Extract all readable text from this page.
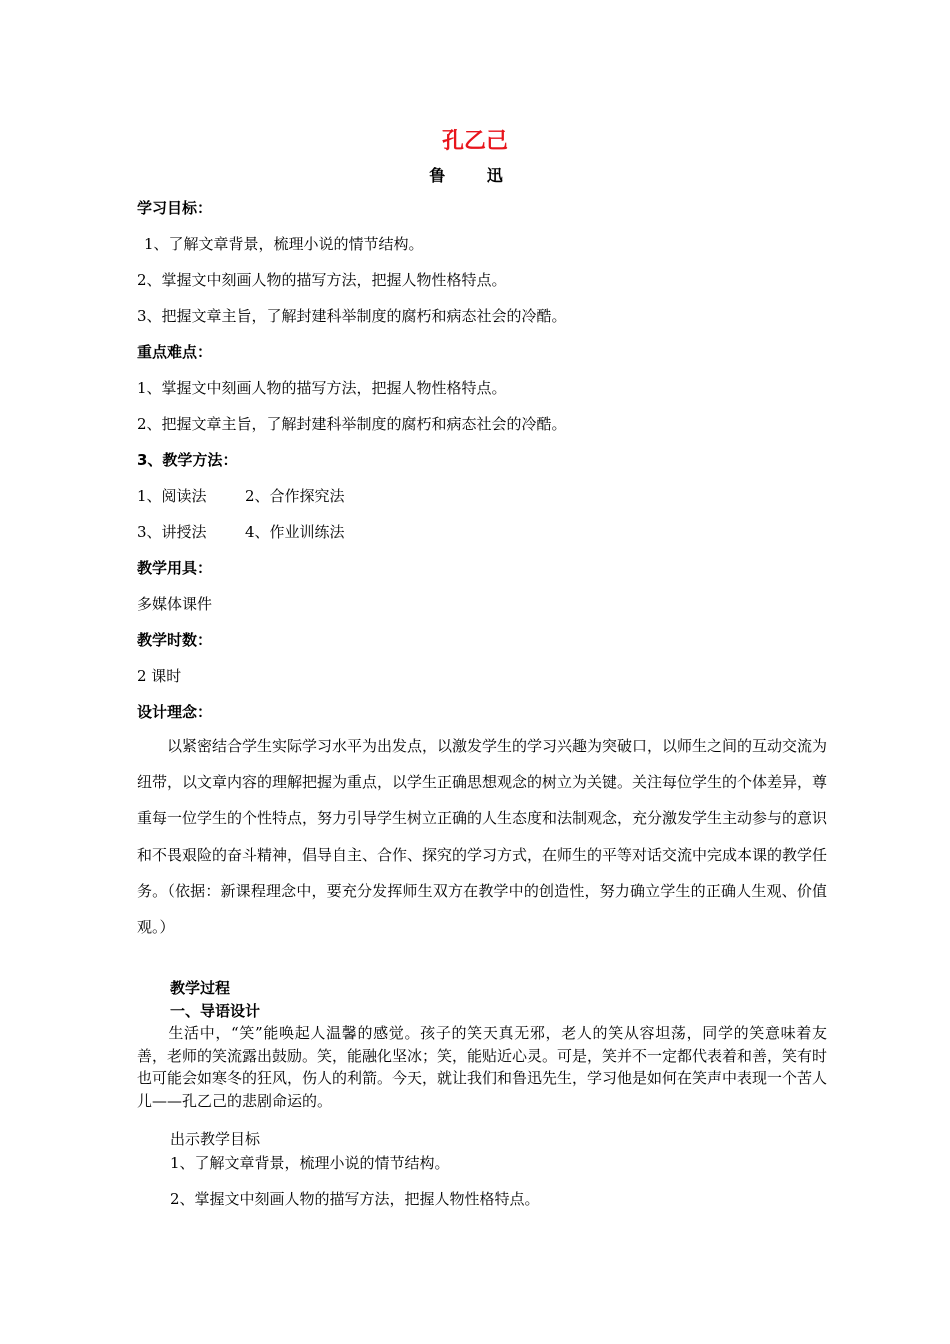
孔乙己
鲁 迅
学习目标：
1、了解文章背景，梳理小说的情节结构。
2、掌握文中刻画人物的描写方法，把握人物性格特点。
3、把握文章主旨，了解封建科举制度的腐朽和病态社会的冷酷。
重点难点：
1、掌握文中刻画人物的描写方法，把握人物性格特点。
2、把握文章主旨，了解封建科举制度的腐朽和病态社会的冷酷。
3、教学方法：
1、阅读法	2、合作探究法
3、讲授法	4、作业训练法
教学用具：
多媒体课件
教学时数：
2 课时
设计理念：
　　以紧密结合学生实际学习水平为出发点，以激发学生的学习兴趣为突破口，以师生之间的互动交流为纽带，以文章内容的理解把握为重点，以学生正确思想观念的树立为关键。关注每位学生的个体差异，尊重每一位学生的个性特点，努力引导学生树立正确的人生态度和法制观念，充分激发学生主动参与的意识和不畏艰险的奋斗精神，倡导自主、合作、探究的学习方式，在师生的平等对话交流中完成本课的教学任务。（依据：新课程理念中，要充分发挥师生双方在教学中的创造性，努力确立学生的正确人生观、价值观。）
教学过程
一、导语设计
　　生活中，“笑”能唤起人温馨的感觉。孩子的笑天真无邪，老人的笑从容坦荡，同学的笑意味着友善，老师的笑流露出鼓励。笑，能融化坚冰；笑，能贴近心灵。可是，笑并不一定都代表着和善，笑有时也可能会如寒冬的狂风，伤人的利箭。今天，就让我们和鲁迅先生，学习他是如何在笑声中表现一个苦人儿——孔乙己的悲剧命运的。
出示教学目标
1、了解文章背景，梳理小说的情节结构。
2、掌握文中刻画人物的描写方法，把握人物性格特点。
